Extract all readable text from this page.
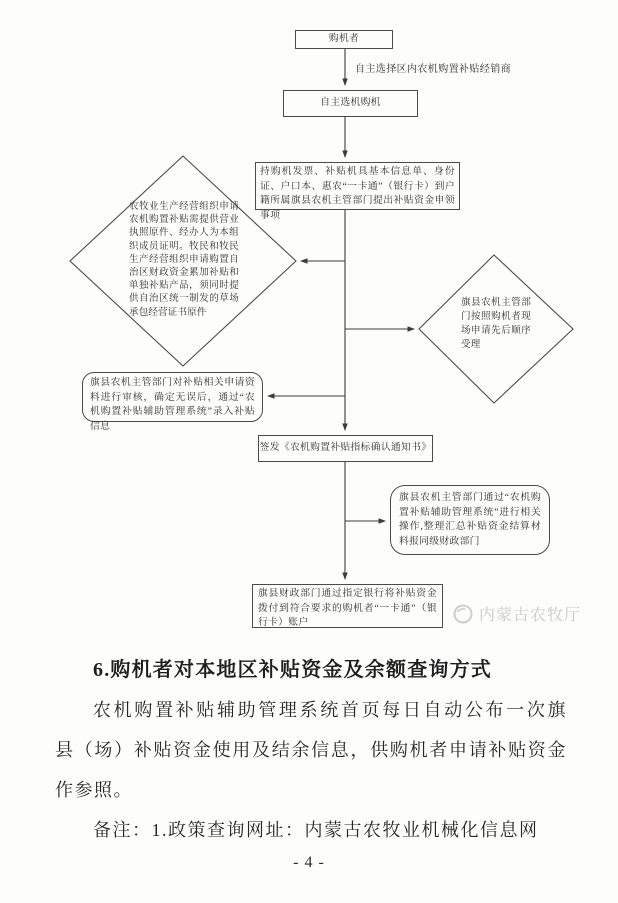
购机者
自主选择区内农机购置补贴经销商
自主选机购机
持购机发票、补贴机具基本信息单、身份证、户口本、惠农“一卡通”（银行卡）到户籍所属旗县农机主管部门提出补贴资金申领事项
农牧业生产经营组织申请农机购置补贴需提供营业执照原件、经办人为本组织成员证明。牧民和牧民生产经营组织申请购置自治区财政资金累加补贴和单独补贴产品，须同时提供自治区统一制发的草场承包经营证书原件
旗县农机主管部门按照购机者现场申请先后顺序受理
旗县农机主管部门对补贴相关申请资料进行审核，确定无误后，通过“农机购置补贴辅助管理系统”录入补贴信息
签发《农机购置补贴指标确认通知书》
旗县农机主管部门通过“农机购置补贴辅助管理系统”进行相关操作,整理汇总补贴资金结算材料报同级财政部门
旗县财政部门通过指定银行将补贴资金拨付到符合要求的购机者“一卡通”（银行卡）账户	内蒙古农牧厅
6.购机者对本地区补贴资金及余额查询方式
农机购置补贴辅助管理系统首页每日自动公布一次旗
县（场）补贴资金使用及结余信息，供购机者申请补贴资金
作参照。
备注：1.政策查询网址：内蒙古农牧业机械化信息网
- 4 -
